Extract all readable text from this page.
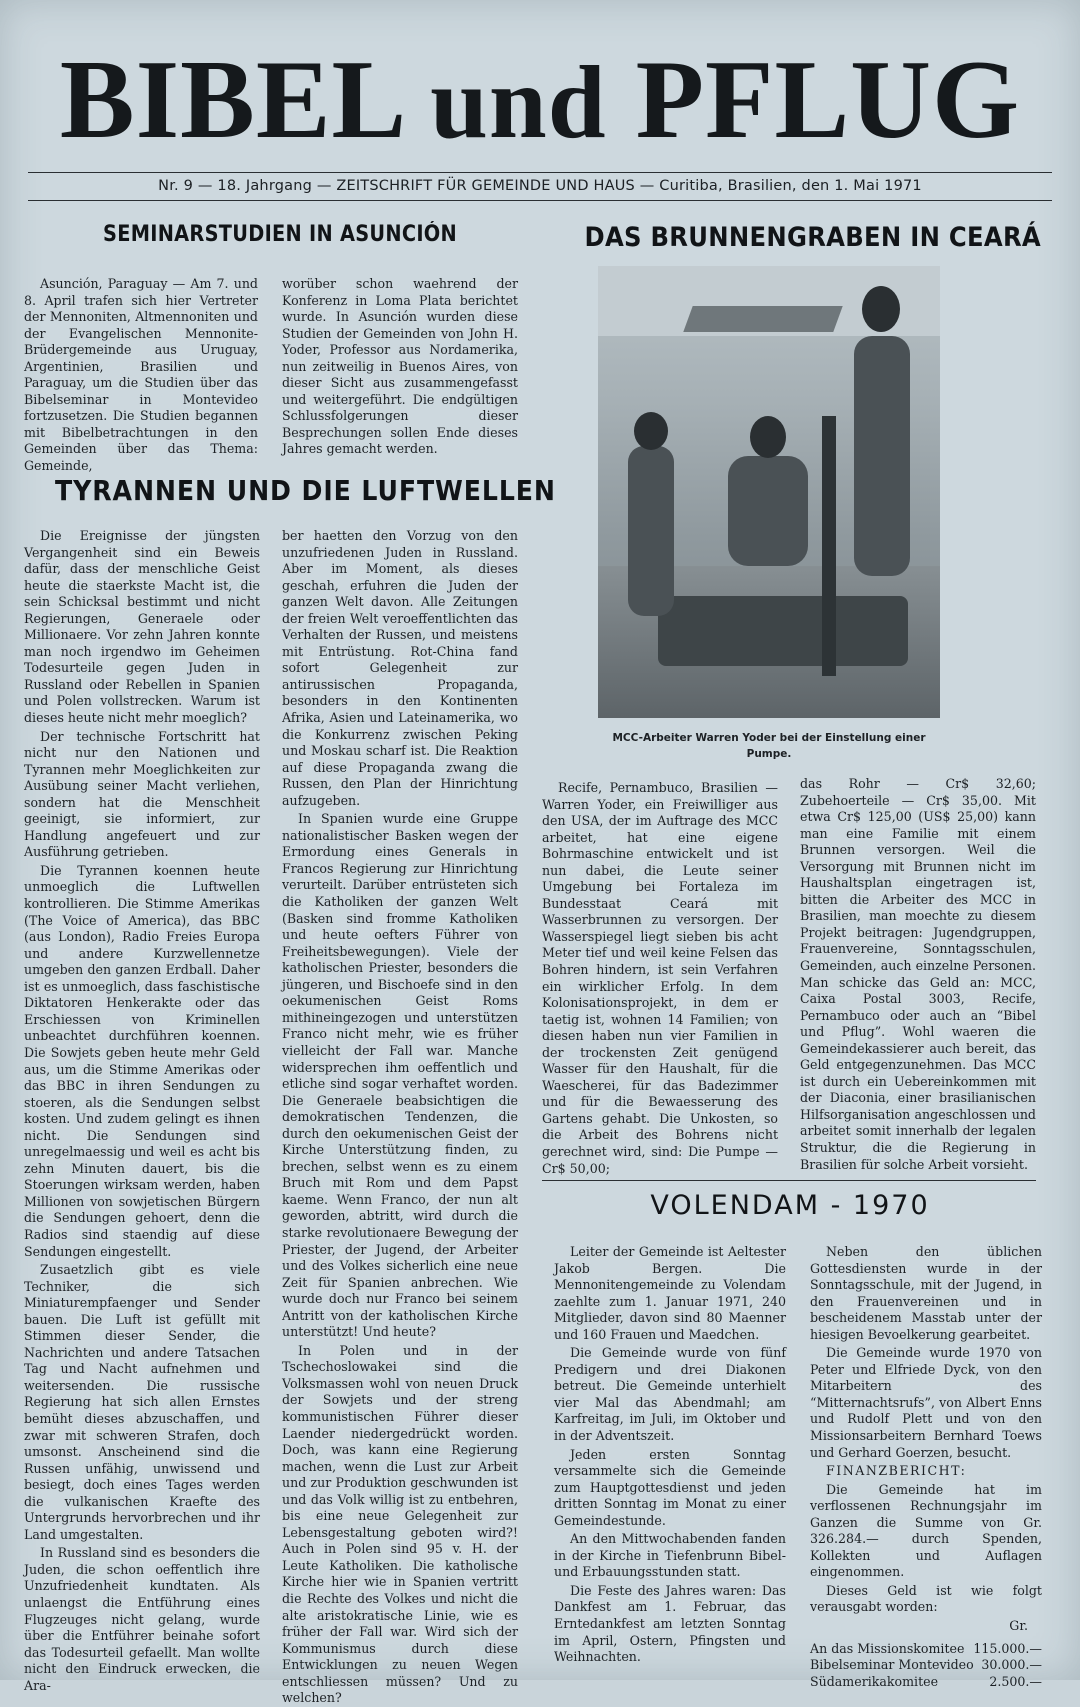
BIBEL und PFLUG
Nr. 9 — 18. Jahrgang — ZEITSCHRIFT FÜR GEMEINDE UND HAUS — Curitiba, Brasilien, den 1. Mai 1971
SEMINARSTUDIEN IN ASUNCIÓN

Asunción, Paraguay — Am 7. und 8. April trafen sich hier Vertreter der Mennoniten, Altmennoniten und der Evangelischen Mennonite-Brüdergemeinde aus Uruguay, Argentinien, Brasilien und Paraguay, um die Studien über das Bibelseminar in Montevideo fortzusetzen. Die Studien begannen mit Bibelbetrachtungen in den Gemeinden über das Thema: Gemeinde,

worüber schon waehrend der Konferenz in Loma Plata berichtet wurde. In Asunción wurden diese Studien der Gemeinden von John H. Yoder, Professor aus Nordamerika, nun zeitweilig in Buenos Aires, von dieser Sicht aus zusammengefasst und weitergeführt. Die endgültigen Schlussfolgerungen dieser Besprechungen sollen Ende dieses Jahres gemacht werden.

TYRANNEN UND DIE LUFTWELLEN

Die Ereignisse der jüngsten Vergangenheit sind ein Beweis dafür, dass der menschliche Geist heute die staerkste Macht ist, die sein Schicksal bestimmt und nicht Regierungen, Generaele oder Millionaere. Vor zehn Jahren konnte man noch irgendwo im Geheimen Todesurteile gegen Juden in Russland oder Rebellen in Spanien und Polen vollstrecken. Warum ist dieses heute nicht mehr moeglich?

Der technische Fortschritt hat nicht nur den Nationen und Tyrannen mehr Moeglichkeiten zur Ausübung seiner Macht verliehen, sondern hat die Menschheit geeinigt, sie informiert, zur Handlung angefeuert und zur Ausführung getrieben.

Die Tyrannen koennen heute unmoeglich die Luftwellen kontrollieren. Die Stimme Amerikas (The Voice of America), das BBC (aus London), Radio Freies Europa und andere Kurzwellennetze umgeben den ganzen Erdball. Daher ist es unmoeglich, dass faschistische Diktatoren Henkerakte oder das Erschiessen von Kriminellen unbeachtet durchführen koennen. Die Sowjets geben heute mehr Geld aus, um die Stimme Amerikas oder das BBC in ihren Sendungen zu stoeren, als die Sendungen selbst kosten. Und zudem gelingt es ihnen nicht. Die Sendungen sind unregelmaessig und weil es acht bis zehn Minuten dauert, bis die Stoerungen wirksam werden, haben Millionen von sowjetischen Bürgern die Sendungen gehoert, denn die Radios sind staendig auf diese Sendungen eingestellt.

Zusaetzlich gibt es viele Techniker, die sich Miniaturempfaenger und Sender bauen. Die Luft ist gefüllt mit Stimmen dieser Sender, die Nachrichten und andere Tatsachen Tag und Nacht aufnehmen und weitersenden. Die russische Regierung hat sich allen Ernstes bemüht dieses abzuschaffen, und zwar mit schweren Strafen, doch umsonst. Anscheinend sind die Russen unfähig, unwissend und besiegt, doch eines Tages werden die vulkanischen Kraefte des Untergrunds hervorbrechen und ihr Land umgestalten.

In Russland sind es besonders die Juden, die schon oeffentlich ihre Unzufriedenheit kundtaten. Als unlaengst die Entführung eines Flugzeuges nicht gelang, wurde über die Entführer beinahe sofort das Todesurteil gefaellt. Man wollte nicht den Eindruck erwecken, die Ara-

ber haetten den Vorzug von den unzufriedenen Juden in Russland. Aber im Moment, als dieses geschah, erfuhren die Juden der ganzen Welt davon. Alle Zeitungen der freien Welt veroeffentlichten das Verhalten der Russen, und meistens mit Entrüstung. Rot-China fand sofort Gelegenheit zur antirussischen Propaganda, besonders in den Kontinenten Afrika, Asien und Lateinamerika, wo die Konkurrenz zwischen Peking und Moskau scharf ist. Die Reaktion auf diese Propaganda zwang die Russen, den Plan der Hinrichtung aufzugeben.

In Spanien wurde eine Gruppe nationalistischer Basken wegen der Ermordung eines Generals in Francos Regierung zur Hinrichtung verurteilt. Darüber entrüsteten sich die Katholiken der ganzen Welt (Basken sind fromme Katholiken und heute oefters Führer von Freiheitsbewegungen). Viele der katholischen Priester, besonders die jüngeren, und Bischoefe sind in den oekumenischen Geist Roms mithineingezogen und unterstützen Franco nicht mehr, wie es früher vielleicht der Fall war. Manche widersprechen ihm oeffentlich und etliche sind sogar verhaftet worden. Die Generaele beabsichtigen die demokratischen Tendenzen, die durch den oekumenischen Geist der Kirche Unterstützung finden, zu brechen, selbst wenn es zu einem Bruch mit Rom und dem Papst kaeme. Wenn Franco, der nun alt geworden, abtritt, wird durch die starke revolutionaere Bewegung der Priester, der Jugend, der Arbeiter und des Volkes sicherlich eine neue Zeit für Spanien anbrechen. Wie wurde doch nur Franco bei seinem Antritt von der katholischen Kirche unterstützt! Und heute?

In Polen und in der Tschechoslowakei sind die Volksmassen wohl von neuen Druck der Sowjets und der streng kommunistischen Führer dieser Laender niedergedrückt worden. Doch, was kann eine Regierung machen, wenn die Lust zur Arbeit und zur Produktion geschwunden ist und das Volk willig ist zu entbehren, bis eine neue Gelegenheit zur Lebensgestaltung geboten wird?! Auch in Polen sind 95 v. H. der Leute Katholiken. Die katholische Kirche hier wie in Spanien vertritt die Rechte des Volkes und nicht die alte aristokratische Linie, wie es früher der Fall war. Wird sich der Kommunismus durch diese Entwicklungen zu neuen Wegen entschliessen müssen? Und zu welchen?

DAS BRUNNENGRABEN IN CEARÁ
MCC-Arbeiter Warren Yoder bei der Einstellung einer Pumpe.

Recife, Pernambuco, Brasilien — Warren Yoder, ein Freiwilliger aus den USA, der im Auftrage des MCC arbeitet, hat eine eigene Bohrmaschine entwickelt und ist nun dabei, die Leute seiner Umgebung bei Fortaleza im Bundesstaat Ceará mit Wasserbrunnen zu versorgen. Der Wasserspiegel liegt sieben bis acht Meter tief und weil keine Felsen das Bohren hindern, ist sein Verfahren ein wirklicher Erfolg. In dem Kolonisationsprojekt, in dem er taetig ist, wohnen 14 Familien; von diesen haben nun vier Familien in der trockensten Zeit genügend Wasser für den Haushalt, für die Waescherei, für das Badezimmer und für die Bewaesserung des Gartens gehabt. Die Unkosten, so die Arbeit des Bohrens nicht gerechnet wird, sind: Die Pumpe — Cr$ 50,00;

das Rohr — Cr$ 32,60; Zubehoerteile — Cr$ 35,00. Mit etwa Cr$ 125,00 (US$ 25,00) kann man eine Familie mit einem Brunnen versorgen. Weil die Versorgung mit Brunnen nicht im Haushaltsplan eingetragen ist, bitten die Arbeiter des MCC in Brasilien, man moechte zu diesem Projekt beitragen: Jugendgruppen, Frauenvereine, Sonntagsschulen, Gemeinden, auch einzelne Personen. Man schicke das Geld an: MCC, Caixa Postal 3003, Recife, Pernambuco oder auch an “Bibel und Pflug”. Wohl waeren die Gemeindekassierer auch bereit, das Geld entgegenzunehmen. Das MCC ist durch ein Uebereinkommen mit der Diaconia, einer brasilianischen Hilfsorganisation angeschlossen und arbeitet somit innerhalb der legalen Struktur, die die Regierung in Brasilien für solche Arbeit vorsieht.

VOLENDAM - 1970

Leiter der Gemeinde ist Aeltester Jakob Bergen. Die Mennonitengemeinde zu Volendam zaehlte zum 1. Januar 1971, 240 Mitglieder, davon sind 80 Maenner und 160 Frauen und Maedchen.

Die Gemeinde wurde von fünf Predigern und drei Diakonen betreut. Die Gemeinde unterhielt vier Mal das Abendmahl; am Karfreitag, im Juli, im Oktober und in der Adventszeit.

Jeden ersten Sonntag versammelte sich die Gemeinde zum Hauptgottesdienst und jeden dritten Sonntag im Monat zu einer Gemeindestunde.

An den Mittwochabenden fanden in der Kirche in Tiefenbrunn Bibel- und Erbauungsstunden statt.

Die Feste des Jahres waren: Das Dankfest am 1. Februar, das Erntedankfest am letzten Sonntag im April, Ostern, Pfingsten und Weihnachten.

Neben den üblichen Gottesdiensten wurde in der Sonntagsschule, mit der Jugend, in den Frauenvereinen und in bescheidenem Masstab unter der hiesigen Bevoelkerung gearbeitet.

Die Gemeinde wurde 1970 von Peter und Elfriede Dyck, von den Mitarbeitern des “Mitternachtsrufs”, von Albert Enns und Rudolf Plett und von den Missionsarbeitern Bernhard Toews und Gerhard Goerzen, besucht.

FINANZBERICHT:

Die Gemeinde hat im verflossenen Rechnungsjahr im Ganzen die Summe von Gr. 326.284.— durch Spenden, Kollekten und Auflagen eingenommen.

Dieses Geld ist wie folgt verausgabt worden:

Gr.
An das Missionskomitee 115.000.—
Bibelseminar Montevideo 30.000.—
Südamerikakomitee	2.500.—
